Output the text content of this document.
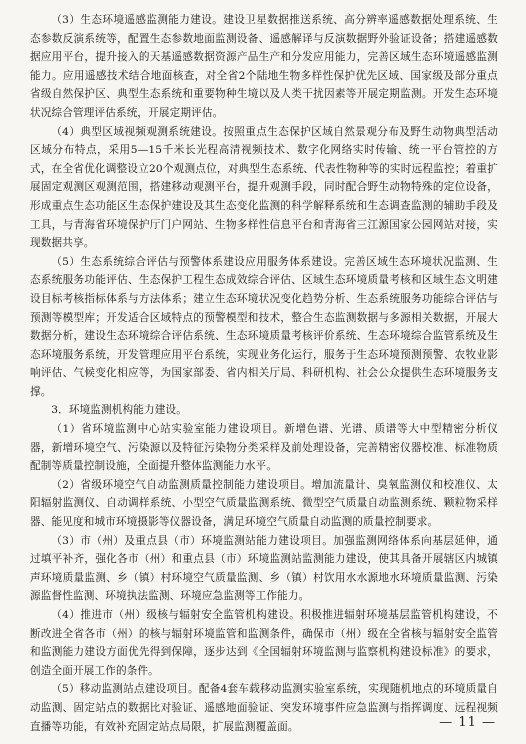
（3）生态环境遥感监测能力建设。建设卫星数据推送系统、高分辨率遥感数据处理系统、生态参数反演系统等，配置生态参数地面监测设备、遥感解译与反演数据野外验证设备；搭建遥感数据应用平台，提升接入的天基遥感数据资源产品生产和分发应用能力，完善区域生态环境遥感监测能力。应用遥感技术结合地面核查，对全省2个陆地生物多样性保护优先区域、国家级及部分重点省级自然保护区、典型生态系统和重要物种生境以及人类干扰因素等开展定期监测。开发生态环境状况综合管理评估系统，开展定期评估。

（4）典型区域视频观测系统建设。按照重点生态保护区域自然景观分布及野生动物典型活动区域分布特点，采用5—15千米长光程高清视频技术、数字化网络实时传输、统一平台管控的方式，在全省优化调整设立20个观测点位，对典型生态系统、代表性物种等的实时远程监控；着重扩展固定观测区观测范围，搭建移动观测平台，提升观测手段，同时配合野生动物特殊的定位设备，形成重点生态功能区生态保护建设及其生态变化监测的科学解释系统和生态调查监测的辅助手段及工具，与青海省环境保护厅门户网站、生物多样性信息平台和青海省三江源国家公园网站对接，实现数据共享。

（5）生态系统综合评估与预警体系建设应用服务体系建设。完善区域生态环境状况监测、生态系统服务功能评估、生态保护工程生态成效综合评估、区域生态环境质量考核和区域生态文明建设目标考核指标体系与方法体系；建立生态环境状况变化趋势分析、生态系统服务功能综合评估与预测等模型库；开发适合区域特点的预警模型和技术，整合生态监测数据与多源相关数据，开展大数据分析，建设生态环境综合评估系统、生态环境质量考核评价系统、生态环境综合监管系统及生态环境服务系统，开发管理应用平台系统，实现业务化运行，服务于生态环境预测预警、农牧业影响评估、气候变化相应等，为国家部委、省内相关厅局、科研机构、社会公众提供生态环境服务支撑。

3．环境监测机构能力建设。

（1）省环境监测中心站实验室能力建设项目。新增色谱、光谱、质谱等大中型精密分析仪器，新增环境空气、污染源以及特征污染物分类采样及前处理设备，完善精密仪器校准、标准物质配制等质量控制设施，全面提升整体监测能力水平。

（2）省级环境空气自动监测质量控制能力建设项目。增加流量计、臭氧监测仪和校准仪、太阳辐射监测仪、自动调样系统、小型空气质量监测系统、微型空气质量自动监测系统、颗粒物采样器、能见度和城市环境摄影等仪器设备，满足环境空气质量自动监测的质量控制要求。

（3）市（州）及重点县（市）环境监测站能力建设项目。加强监测网络体系向基层延伸，通过填平补齐，强化各市（州）和重点县（市）环境监测站监测能力建设，使其具备开展辖区内城镇声环境质量监测、乡（镇）村环境空气质量监测、乡（镇）村饮用水水源地水环境质量监测、污染源监督性监测、环境执法监测、环境应急监测等工作能力。

（4）推进市（州）级核与辐射安全监管机构建设。积极推进辐射环境基层监管机构建设，不断改进全省各市（州）的核与辐射环境监管和监测条件，确保市（州）级在全省核与辐射安全监管和监测能力建设方面优先得到保障，逐步达到《全国辐射环境监测与监察机构建设标准》的要求，创造全面开展工作的条件。

（5）移动监测站点建设项目。配备4套车载移动监测实验室系统，实现随机地点的环境质量自动监测、固定站点的数据比对验证、遥感地面验证、突发环境事件应急监测与指挥调度、远程视频直播等功能，有效补充固定站点局限，扩展监测覆盖面。	— 11 —
